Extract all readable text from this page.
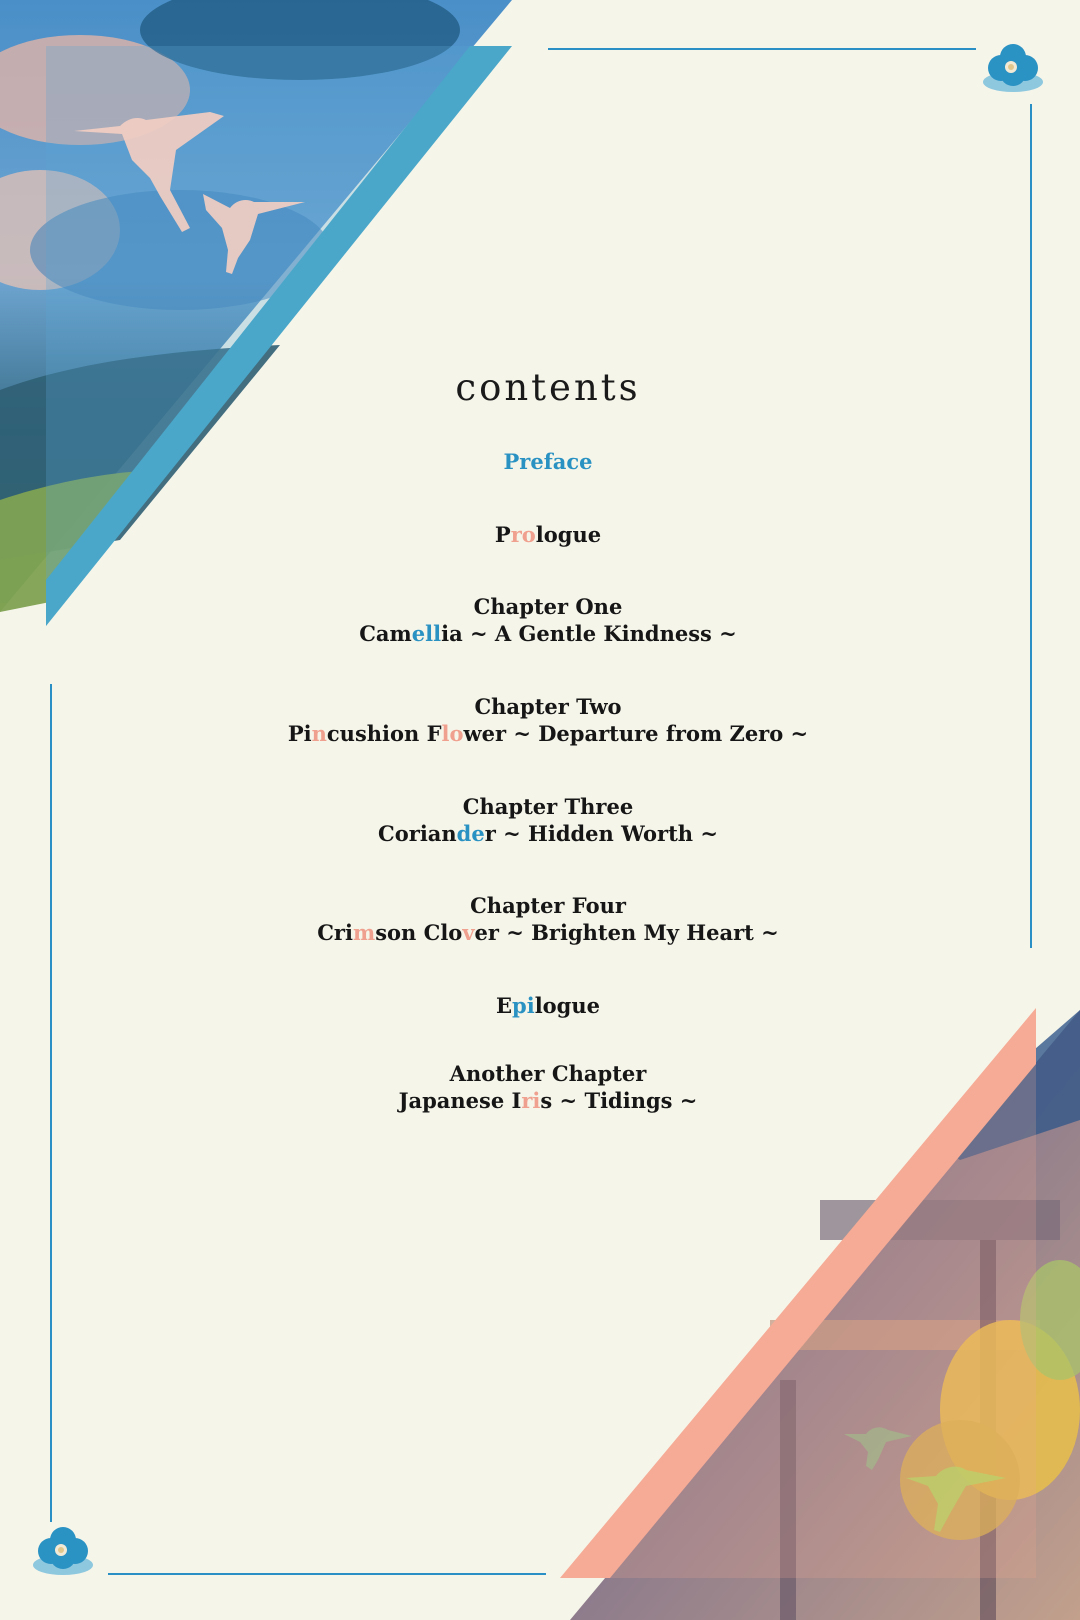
contents
Preface
Prologue
Chapter One
Camellia ~ A Gentle Kindness ~
Chapter Two
Pincushion Flower ~ Departure from Zero ~
Chapter Three
Coriander ~ Hidden Worth ~
Chapter Four
Crimson Clover ~ Brighten My Heart ~
Epilogue
Another Chapter
Japanese Iris ~ Tidings ~
